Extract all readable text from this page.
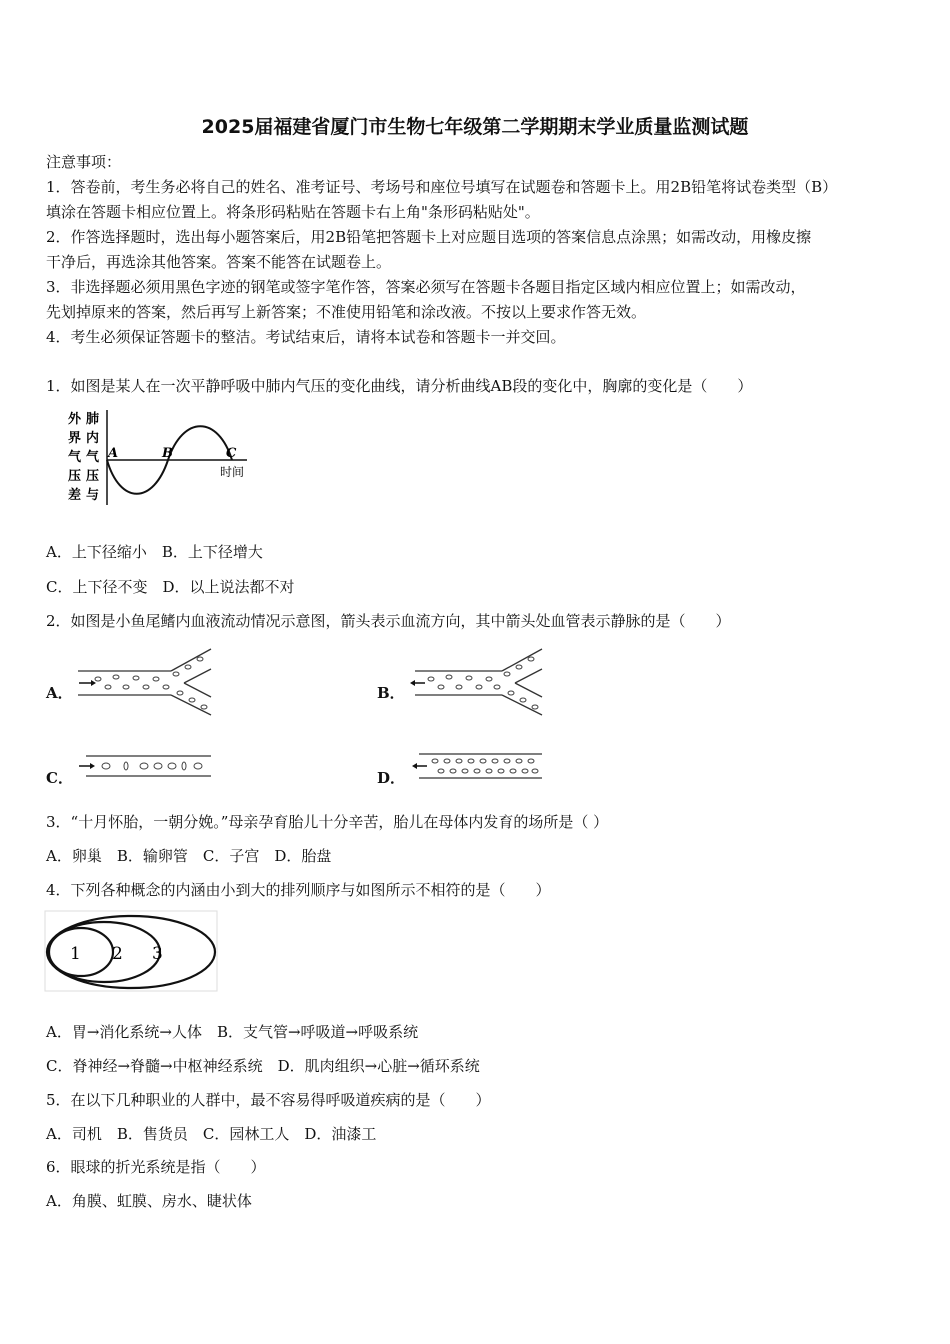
2025届福建省厦门市生物七年级第二学期期末学业质量监测试题
注意事项：
1．答卷前，考生务必将自己的姓名、准考证号、考场号和座位号填写在试题卷和答题卡上。用2B铅笔将试卷类型（B）
填涂在答题卡相应位置上。将条形码粘贴在答题卡右上角"条形码粘贴处"。
2．作答选择题时，选出每小题答案后，用2B铅笔把答题卡上对应题目选项的答案信息点涂黑；如需改动，用橡皮擦
干净后，再选涂其他答案。答案不能答在试题卷上。
3．非选择题必须用黑色字迹的钢笔或签字笔作答，答案必须写在答题卡各题目指定区域内相应位置上；如需改动，
先划掉原来的答案，然后再写上新答案；不准使用铅笔和涂改液。不按以上要求作答无效。
4．考生必须保证答题卡的整洁。考试结束后，请将本试卷和答题卡一并交回。
1．如图是某人在一次平静呼吸中肺内气压的变化曲线，请分析曲线AB段的变化中，胸廓的变化是（　　）
外
界
气
压
差
肺
内
气
压
与
A	B	C
时间
A．上下径缩小　B．上下径增大
C．上下径不变　D．以上说法都不对
2．如图是小鱼尾鳍内血液流动情况示意图，箭头表示血流方向，其中箭头处血管表示静脉的是（　　）
A．	B．
C．	D．
3．“十月怀胎，一朝分娩。”母亲孕育胎儿十分辛苦，胎儿在母体内发育的场所是（ ）
A．卵巢　B．输卵管　C．子宫　D．胎盘
4．下列各种概念的内涵由小到大的排列顺序与如图所示不相符的是（　　）
1 2 3
A．胃→消化系统→人体　B．支气管→呼吸道→呼吸系统
C．脊神经→脊髓→中枢神经系统　D．肌肉组织→心脏→循环系统
5．在以下几种职业的人群中，最不容易得呼吸道疾病的是（　　）
A．司机　B．售货员　C．园林工人　D．油漆工
6．眼球的折光系统是指（　　）
A．角膜、虹膜、房水、睫状体
